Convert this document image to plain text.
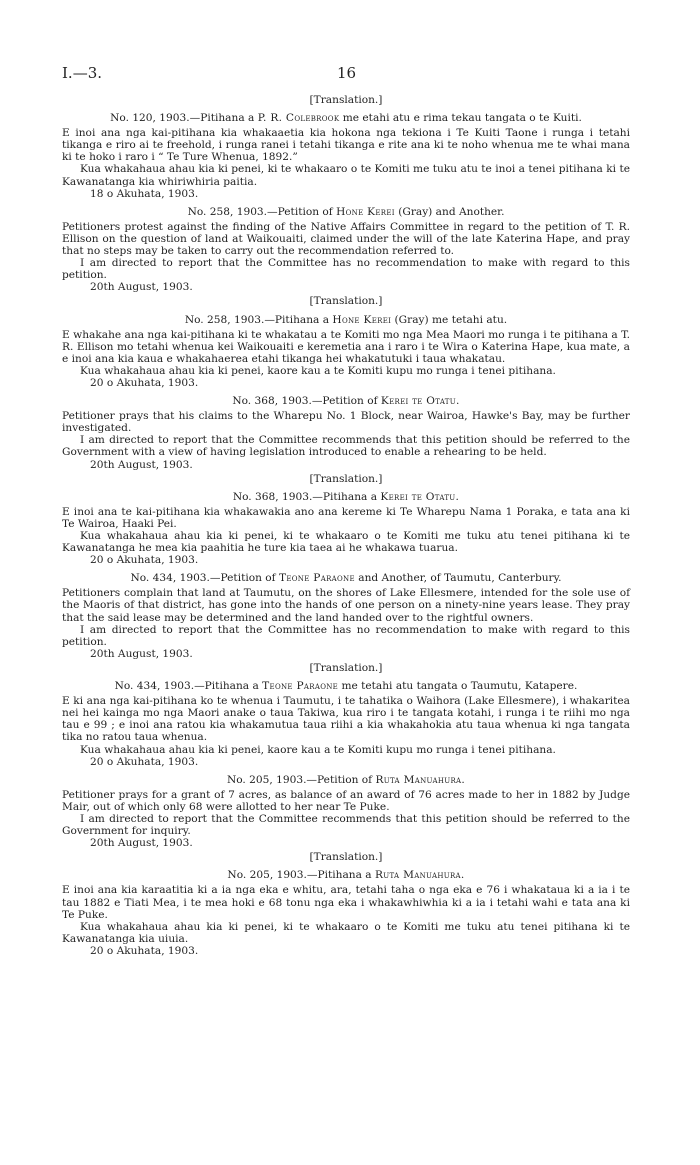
I.—3.	16
[Translation.]
No. 120, 1903.—Pitihana a P. R. Colebrook me etahi atu e rima tekau tangata o te Kuiti.

E inoi ana nga kai-pitihana kia whakaaetia kia hokona nga tekiona i Te Kuiti Taone i runga i tetahi tikanga e riro ai te freehold, i runga ranei i tetahi tikanga e rite ana ki te noho whenua me te whai mana ki te hoko i raro i “ Te Ture Whenua, 1892.”

Kua whakahaua ahau kia ki penei, ki te whakaaro o te Komiti me tuku atu te inoi a tenei pitihana ki te Kawanatanga kia whiriwhiria paitia.

18 o Akuhata, 1903.

No. 258, 1903.—Petition of Hone Kerei (Gray) and Another.

Petitioners protest against the finding of the Native Affairs Committee in regard to the petition of T. R. Ellison on the question of land at Waikouaiti, claimed under the will of the late Katerina Hape, and pray that no steps may be taken to carry out the recommendation referred to.

I am directed to report that the Committee has no recommendation to make with regard to this petition.

20th August, 1903.

[Translation.]
No. 258, 1903.—Pitihana a Hone Kerei (Gray) me tetahi atu.

E whakahe ana nga kai-pitihana ki te whakatau a te Komiti mo nga Mea Maori mo runga i te pitihana a T. R. Ellison mo tetahi whenua kei Waikouaiti e keremetia ana i raro i te Wira o Katerina Hape, kua mate, a e inoi ana kia kaua e whakahaerea etahi tikanga hei whakatutuki i taua whakatau.

Kua whakahaua ahau kia ki penei, kaore kau a te Komiti kupu mo runga i tenei pitihana.

20 o Akuhata, 1903.

No. 368, 1903.—Petition of Kerei te Otatu.

Petitioner prays that his claims to the Wharepu No. 1 Block, near Wairoa, Hawke's Bay, may be further investigated.

I am directed to report that the Committee recommends that this petition should be referred to the Government with a view of having legislation introduced to enable a rehearing to be held.

20th August, 1903.

[Translation.]
No. 368, 1903.—Pitihana a Kerei te Otatu.

E inoi ana te kai-pitihana kia whakawakia ano ana kereme ki Te Wharepu Nama 1 Poraka, e tata ana ki Te Wairoa, Haaki Pei.

Kua whakahaua ahau kia ki penei, ki te whakaaro o te Komiti me tuku atu tenei pitihana ki te Kawanatanga he mea kia paahitia he ture kia taea ai he whakawa tuarua.

20 o Akuhata, 1903.

No. 434, 1903.—Petition of Teone Paraone and Another, of Taumutu, Canterbury.

Petitioners complain that land at Taumutu, on the shores of Lake Ellesmere, intended for the sole use of the Maoris of that district, has gone into the hands of one person on a ninety-nine years lease. They pray that the said lease may be determined and the land handed over to the rightful owners.

I am directed to report that the Committee has no recommendation to make with regard to this petition.

20th August, 1903.

[Translation.]
No. 434, 1903.—Pitihana a Teone Paraone me tetahi atu tangata o Taumutu, Katapere.

E ki ana nga kai-pitihana ko te whenua i Taumutu, i te tahatika o Waihora (Lake Ellesmere), i whakaritea nei hei kainga mo nga Maori anake o taua Takiwa, kua riro i te tangata kotahi, i runga i te riihi mo nga tau e 99 ; e inoi ana ratou kia whakamutua taua riihi a kia whakahokia atu taua whenua ki nga tangata tika no ratou taua whenua.

Kua whakahaua ahau kia ki penei, kaore kau a te Komiti kupu mo runga i tenei pitihana.

20 o Akuhata, 1903.

No. 205, 1903.—Petition of Ruta Manuahura.

Petitioner prays for a grant of 7 acres, as balance of an award of 76 acres made to her in 1882 by Judge Mair, out of which only 68 were allotted to her near Te Puke.

I am directed to report that the Committee recommends that this petition should be referred to the Government for inquiry.

20th August, 1903.

[Translation.]
No. 205, 1903.—Pitihana a Ruta Manuahura.

E inoi ana kia karaatitia ki a ia nga eka e whitu, ara, tetahi taha o nga eka e 76 i whakataua ki a ia i te tau 1882 e Tiati Mea, i te mea hoki e 68 tonu nga eka i whakawhiwhia ki a ia i tetahi wahi e tata ana ki Te Puke.

Kua whakahaua ahau kia ki penei, ki te whakaaro o te Komiti me tuku atu tenei pitihana ki te Kawanatanga kia uiuia.

20 o Akuhata, 1903.
